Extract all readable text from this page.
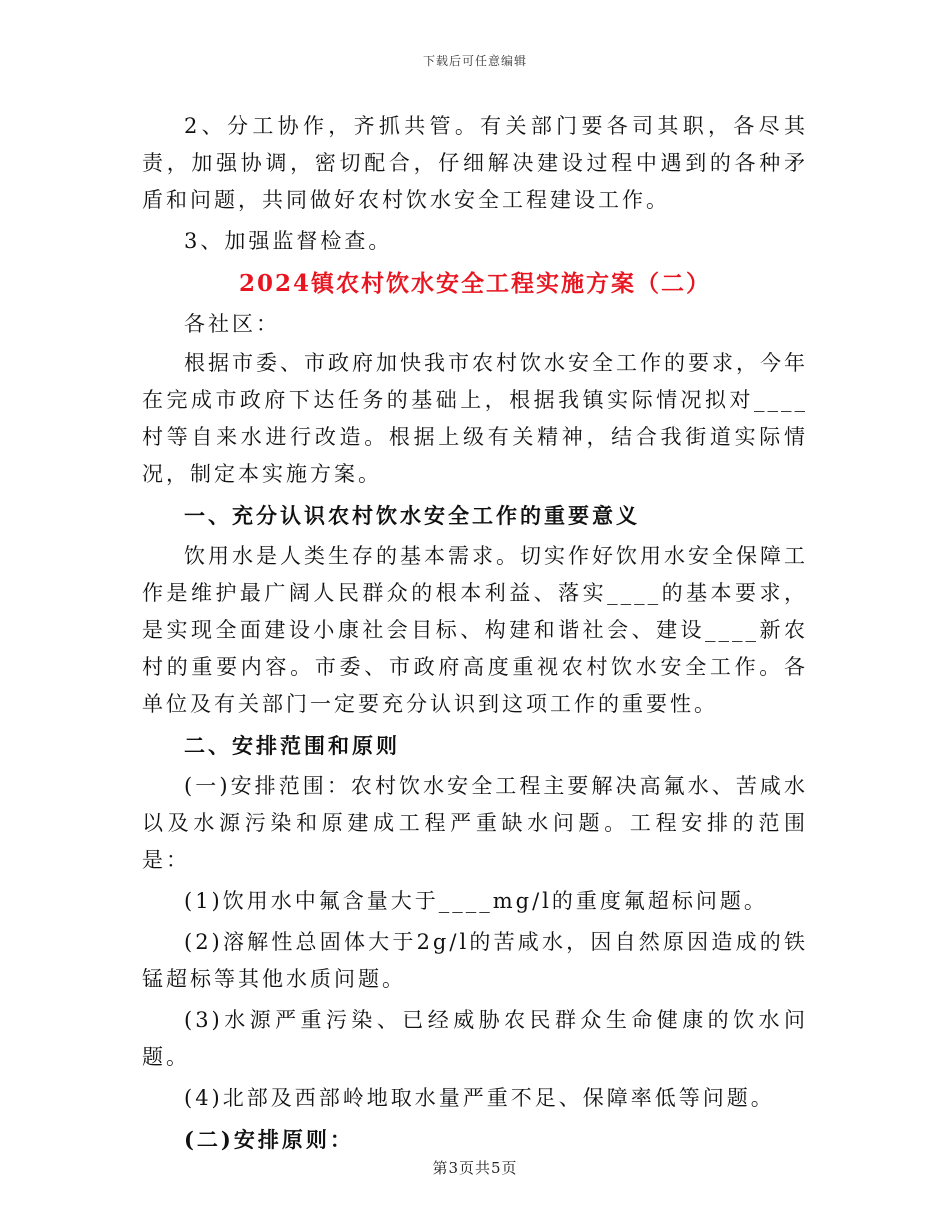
下载后可任意编辑

2、分工协作，齐抓共管。有关部门要各司其职，各尽其责，加强协调，密切配合，仔细解决建设过程中遇到的各种矛盾和问题，共同做好农村饮水安全工程建设工作。

3、加强监督检查。

2024镇农村饮水安全工程实施方案（二）

各社区：

根据市委、市政府加快我市农村饮水安全工作的要求，今年在完成市政府下达任务的基础上，根据我镇实际情况拟对____村等自来水进行改造。根据上级有关精神，结合我街道实际情况，制定本实施方案。

一、充分认识农村饮水安全工作的重要意义

饮用水是人类生存的基本需求。切实作好饮用水安全保障工作是维护最广阔人民群众的根本利益、落实____的基本要求，是实现全面建设小康社会目标、构建和谐社会、建设____新农村的重要内容。市委、市政府高度重视农村饮水安全工作。各单位及有关部门一定要充分认识到这项工作的重要性。

二、安排范围和原则

(一)安排范围：农村饮水安全工程主要解决高氟水、苦咸水以及水源污染和原建成工程严重缺水问题。工程安排的范围是：

(1)饮用水中氟含量大于____mg/l的重度氟超标问题。

(2)溶解性总固体大于2g/l的苦咸水，因自然原因造成的铁锰超标等其他水质问题。

(3)水源严重污染、已经威胁农民群众生命健康的饮水问题。

(4)北部及西部岭地取水量严重不足、保障率低等问题。

(二)安排原则：

第3页共5页
